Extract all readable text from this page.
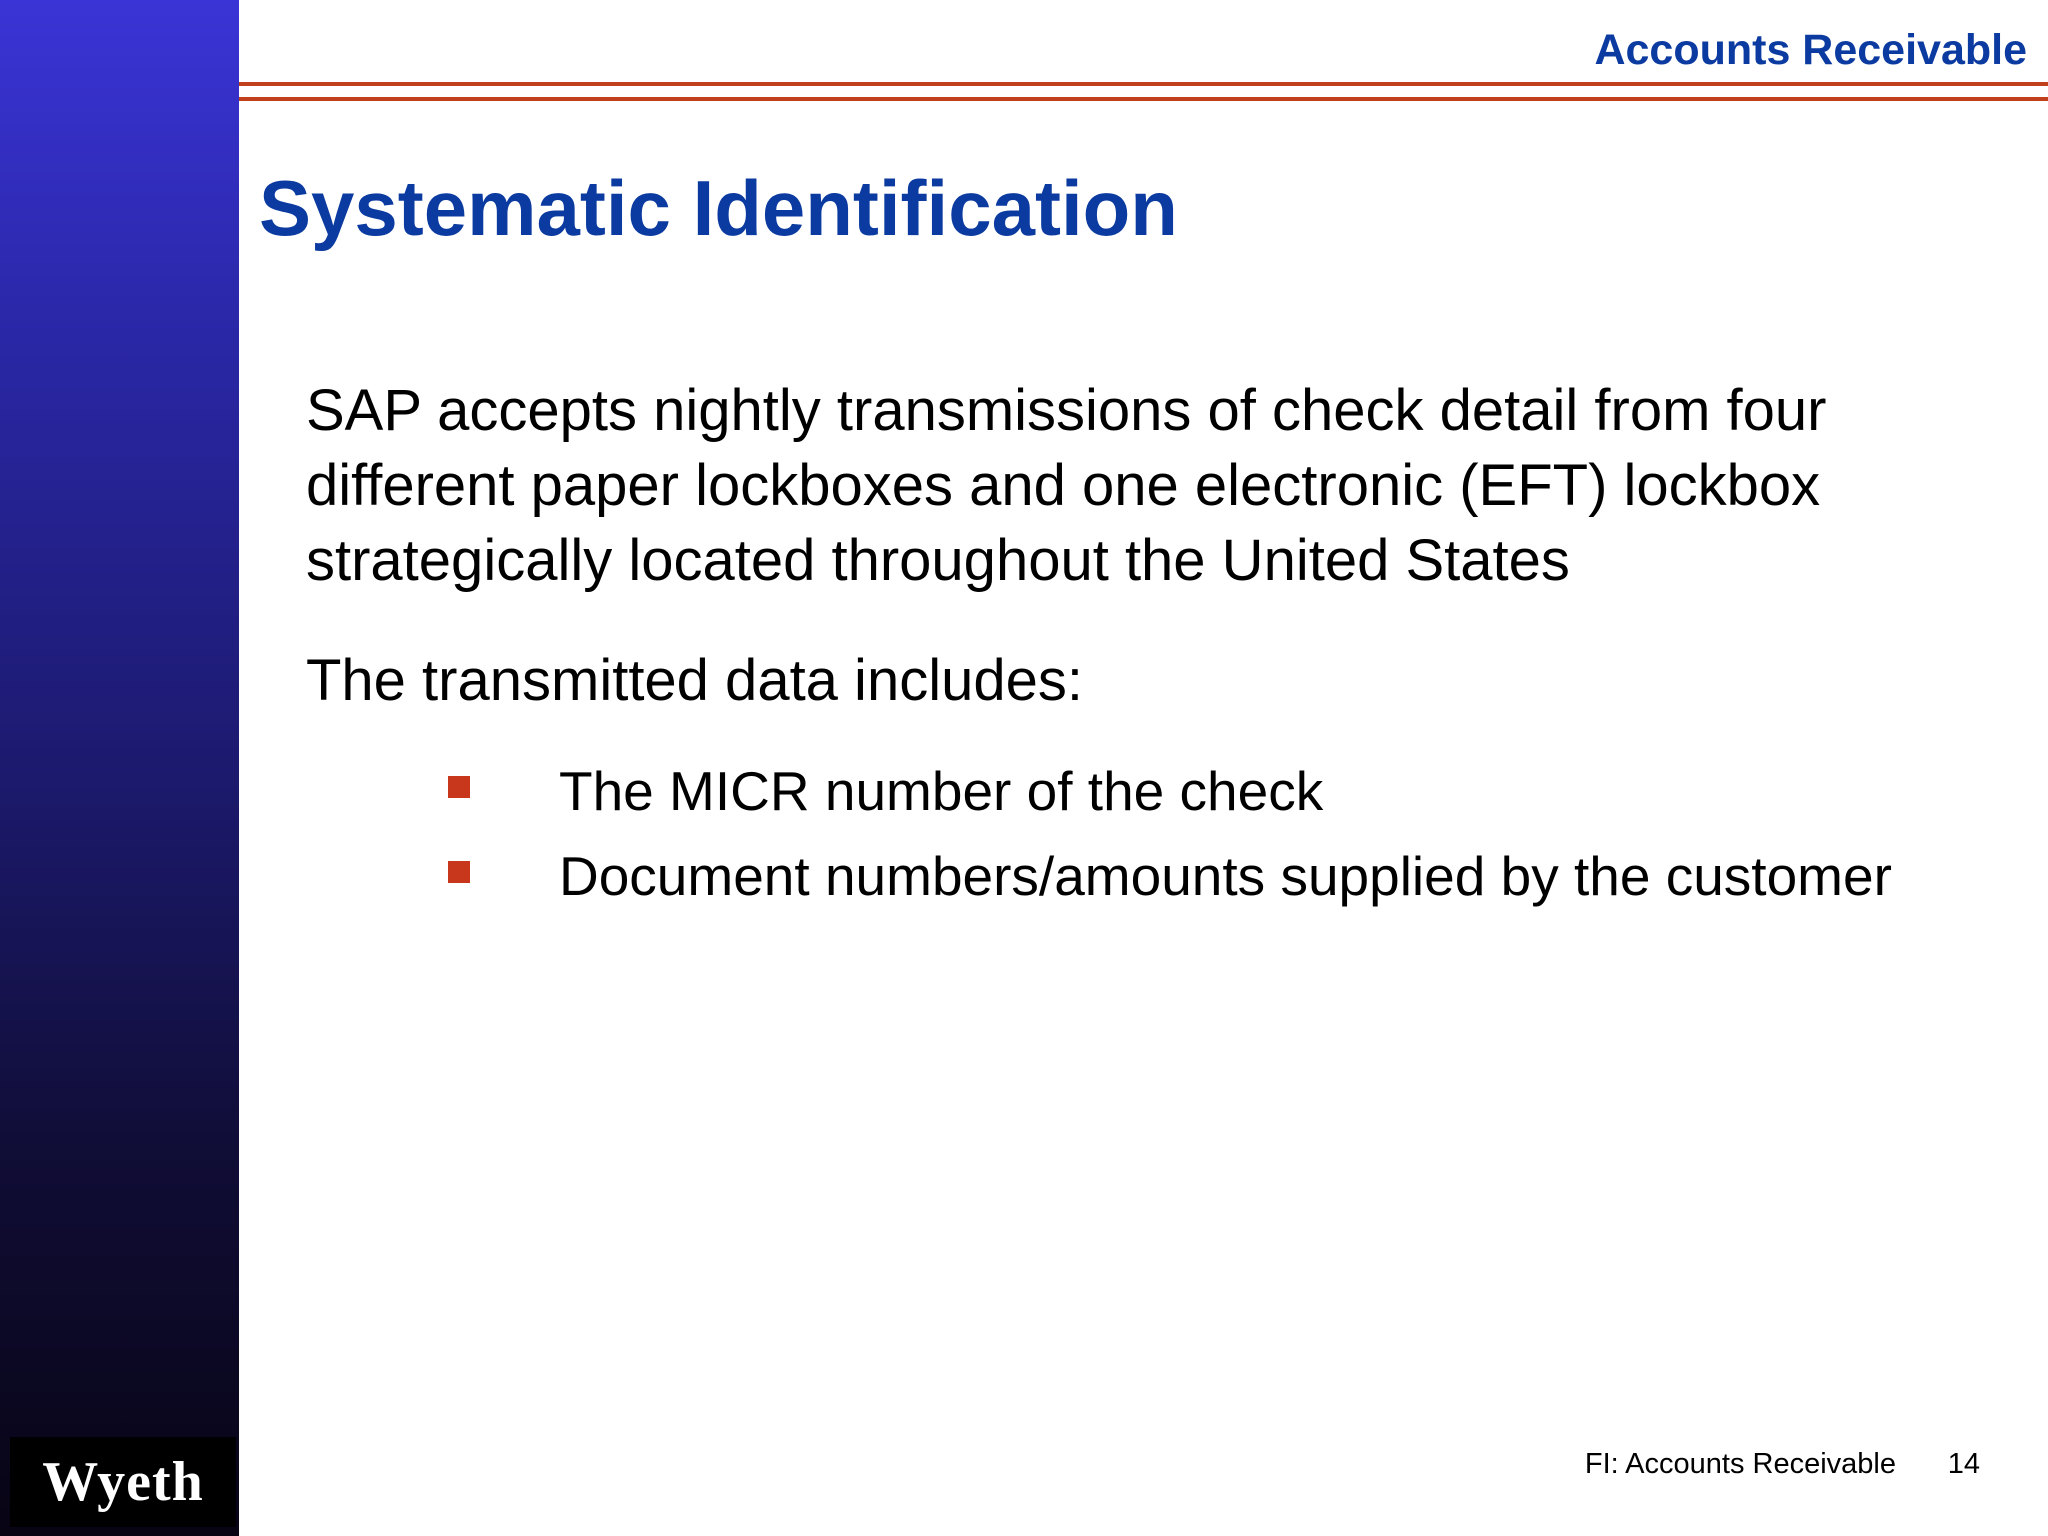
Wyeth
Accounts Receivable
Systematic Identification
SAP accepts nightly transmissions of check detail from four different paper lockboxes and one electronic (EFT) lockbox strategically located throughout the United States
The transmitted data includes:
The MICR number of the check
Document numbers/amounts supplied by the customer
FI: Accounts Receivable 14
